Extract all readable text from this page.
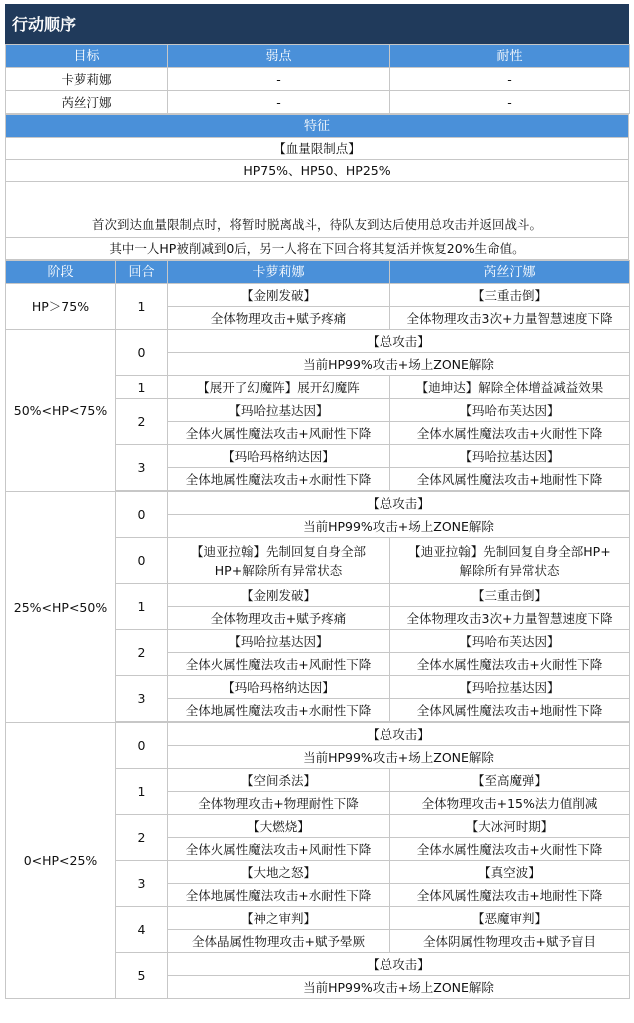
行动顺序
目标	弱点	耐性
卡萝莉娜	-	-
芮丝汀娜	-	-
特征
【血量限制点】
HP75%、HP50、HP25%
首次到达血量限制点时，将暂时脱离战斗，待队友到达后使用总攻击并返回战斗。
其中一人HP被削减到0后，另一人将在下回合将其复活并恢复20%生命值。
阶段	回合	卡萝莉娜	芮丝汀娜
HP＞75%	1	【金刚发破】	【三重击倒】
		全体物理攻击+赋予疼痛	全体物理攻击3次+力量智慧速度下降
50%<HP<75%	0	【总攻击】	
		当前HP99%攻击+场上ZONE解除	
	1	【展开了幻魔阵】展开幻魔阵	【迪坤达】解除全体增益减益效果
	2	【玛哈拉基达因】	【玛哈布芙达因】
		全体火属性魔法攻击+风耐性下降	全体水属性魔法攻击+火耐性下降
	3	【玛哈玛格纳达因】	【玛哈拉基达因】
		全体地属性魔法攻击+水耐性下降	全体风属性魔法攻击+地耐性下降

25%<HP<50%	0	【总攻击】	
		当前HP99%攻击+场上ZONE解除	
	0	【迪亚拉翰】先制回复自身全部
HP+解除所有异常状态	【迪亚拉翰】先制回复自身全部HP+
解除所有异常状态
	1	【金刚发破】	【三重击倒】
		全体物理攻击+赋予疼痛	全体物理攻击3次+力量智慧速度下降
	2	【玛哈拉基达因】	【玛哈布芙达因】
		全体火属性魔法攻击+风耐性下降	全体水属性魔法攻击+火耐性下降
	3	【玛哈玛格纳达因】	【玛哈拉基达因】
		全体地属性魔法攻击+水耐性下降	全体风属性魔法攻击+地耐性下降

0<HP<25%	0	【总攻击】	
		当前HP99%攻击+场上ZONE解除	
	1	【空间杀法】	【至高魔弹】
		全体物理攻击+物理耐性下降	全体物理攻击+15%法力值削减
	2	【大燃烧】	【大冰河时期】
		全体火属性魔法攻击+风耐性下降	全体水属性魔法攻击+火耐性下降
	3	【大地之怒】	【真空波】
		全体地属性魔法攻击+水耐性下降	全体风属性魔法攻击+地耐性下降
	4	【神之审判】	【恶魔审判】
		全体晶属性物理攻击+赋予晕厥	全体阴属性物理攻击+赋予盲目
	5	【总攻击】	
		当前HP99%攻击+场上ZONE解除	
